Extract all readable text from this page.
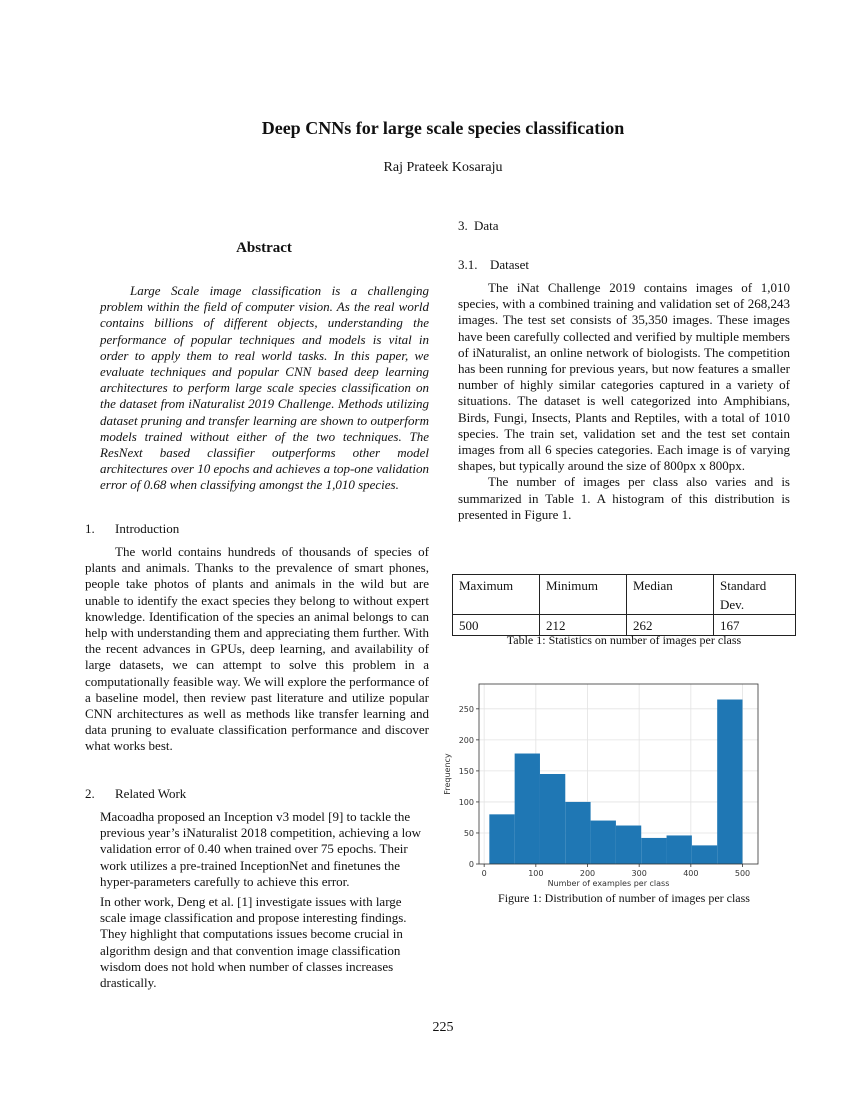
Deep CNNs for large scale species classification
Raj Prateek Kosaraju
Abstract

Large Scale image classification is a challenging problem within the field of computer vision. As the real world contains billions of different objects, understanding the performance of popular techniques and models is vital in order to apply them to real world tasks. In this paper, we evaluate techniques and popular CNN based deep learning architectures to perform large scale species classification on the dataset from iNaturalist 2019 Challenge. Methods utilizing dataset pruning and transfer learning are shown to outperform models trained without either of the two techniques. The ResNext based classifier outperforms other model architectures over 10 epochs and achieves a top-one validation error of 0.68 when classifying amongst the 1,010 species.

1. Introduction

The world contains hundreds of thousands of species of plants and animals. Thanks to the prevalence of smart phones, people take photos of plants and animals in the wild but are unable to identify the exact species they belong to without expert knowledge. Identification of the species an animal belongs to can help with understanding them and appreciating them further. With the recent advances in GPUs, deep learning, and availability of large datasets, we can attempt to solve this problem in a computationally feasible way. We will explore the performance of a baseline model, then review past literature and utilize popular CNN architectures as well as methods like transfer learning and data pruning to evaluate classification performance and discover what works best.

2. Related Work

Macoadha proposed an Inception v3 model [9] to tackle the previous year’s iNaturalist 2018 competition, achieving a low validation error of 0.40 when trained over 75 epochs. Their work utilizes a pre-trained InceptionNet and finetunes the hyper-parameters carefully to achieve this error.

In other work, Deng et al. [1] investigate issues with large scale image classification and propose interesting findings. They highlight that computations issues become crucial in algorithm design and that convention image classification wisdom does not hold when number of classes increases drastically.

3. Data
3.1. Dataset

The iNat Challenge 2019 contains images of 1,010 species, with a combined training and validation set of 268,243 images. The test set consists of 35,350 images. These images have been carefully collected and verified by multiple members of iNaturalist, an online network of biologists. The competition has been running for previous years, but now features a smaller number of highly similar categories captured in a variety of situations. The dataset is well categorized into Amphibians, Birds, Fungi, Insects, Plants and Reptiles, with a total of 1010 species. The train set, validation set and the test set contain images from all 6 species categories. Each image is of varying shapes, but typically around the size of 800px x 800px.

The number of images per class also varies and is summarized in Table 1. A histogram of this distribution is presented in Figure 1.

Maximum	Minimum	Median	Standard Dev.
500	212	262	167
Table 1: Statistics on number of images per class
0	100	200	300	400	500
0
50
100
150
200
250
Number of examples per class
Frequency
Figure 1: Distribution of number of images per class
225
